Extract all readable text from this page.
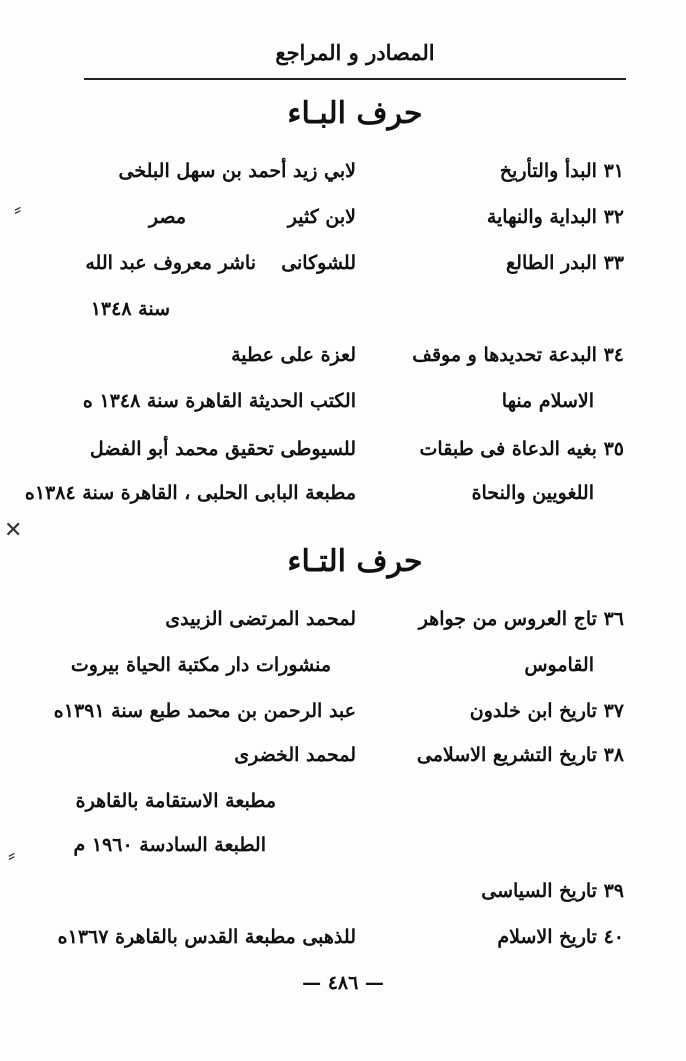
المصادر و المراجع
حرف البـاء
٣١ البدأ والتأريخ
لابي زيد أحمد بن سهل البلخى
٣٢ البداية والنهاية
لابن كثير
مصر
٣٣ البدر الطالع
للشوكانى
ناشر معروف عبد الله
سنة ١٣٤٨
٣٤ البدعة تحديدها و موقف
لعزة على عطية
الاسلام منها
الكتب الحديثة القاهرة سنة ١٣٤٨ ه
٣٥ بغيه الدعاة فى طبقات
للسيوطى تحقيق محمد أبو الفضل
اللغويين والنحاة
مطبعة البابى الحلبى ، القاهرة سنة ١٣٨٤ه
حرف التـاء
٣٦ تاج العروس من جواهر
لمحمد المرتضى الزبيدى
القاموس
منشورات دار مكتبة الحياة بيروت
٣٧ تاريخ ابن خلدون
عبد الرحمن بن محمد طبع سنة ١٣٩١ه
٣٨ تاريخ التشريع الاسلامى
لمحمد الخضرى
مطبعة الاستقامة بالقاهرة
الطبعة السادسة ١٩٦٠ م
٣٩ تاريخ السياسى
٤٠ تاريخ الاسلام
للذهبى مطبعة القدس بالقاهرة ١٣٦٧ه
— ٤٨٦ —
⸗
✕
⸗
